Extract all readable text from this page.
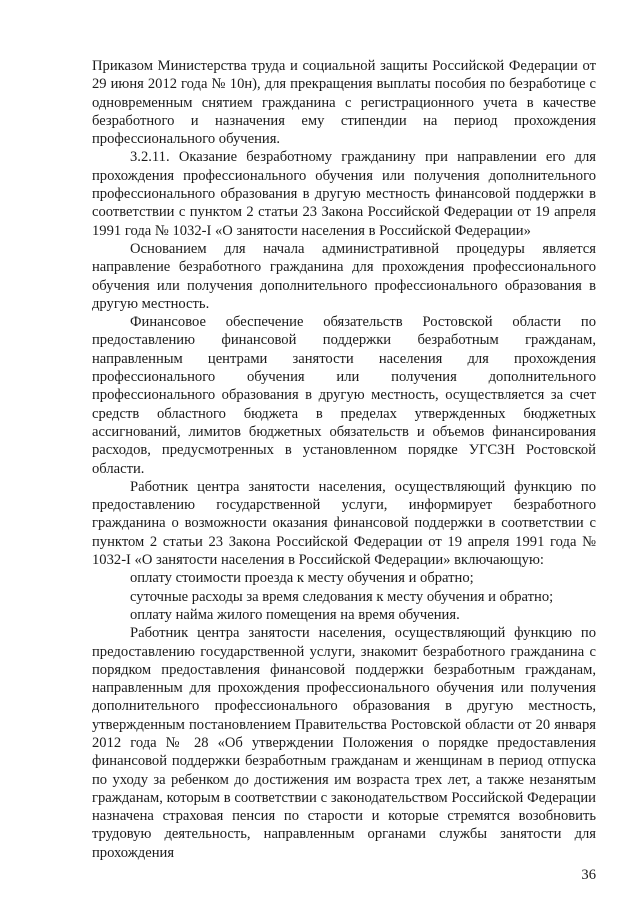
Приказом Министерства труда и социальной защиты Российской Федерации от 29 июня 2012 года № 10н), для прекращения выплаты пособия по безработице с одновременным снятием гражданина с регистрационного учета в качестве безработного и назначения ему стипендии на период прохождения профессионального обучения.

3.2.11. Оказание безработному гражданину при направлении его для прохождения профессионального обучения или получения дополнительного профессионального образования в другую местность финансовой поддержки в соответствии с пунктом 2 статьи 23 Закона Российской Федерации от 19 апреля 1991 года № 1032-I «О занятости населения в Российской Федерации»

Основанием для начала административной процедуры является направление безработного гражданина для прохождения профессионального обучения или получения дополнительного профессионального образования в другую местность.

Финансовое обеспечение обязательств Ростовской области по предоставлению финансовой поддержки безработным гражданам, направленным центрами занятости населения для прохождения профессионального обучения или получения дополнительного профессионального образования в другую местность, осуществляется за счет средств областного бюджета в пределах утвержденных бюджетных ассигнований, лимитов бюджетных обязательств и объемов финансирования расходов, предусмотренных в установленном порядке УГСЗН Ростовской области.

Работник центра занятости населения, осуществляющий функцию по предоставлению государственной услуги, информирует безработного гражданина о возможности оказания финансовой поддержки в соответствии с пунктом 2 статьи 23 Закона Российской Федерации от 19 апреля 1991 года № 1032-I «О занятости населения в Российской Федерации» включающую:

оплату стоимости проезда к месту обучения и обратно;

суточные расходы за время следования к месту обучения и обратно;

оплату найма жилого помещения на время обучения.

Работник центра занятости населения, осуществляющий функцию по предоставлению государственной услуги, знакомит безработного гражданина с порядком предоставления финансовой поддержки безработным гражданам, направленным для прохождения профессионального обучения или получения дополнительного профессионального образования в другую местность, утвержденным постановлением Правительства Ростовской области от 20 января 2012 года № 28 «Об утверждении Положения о порядке предоставления финансовой поддержки безработным гражданам и женщинам в период отпуска по уходу за ребенком до достижения им возраста трех лет, а также незанятым гражданам, которым в соответствии с законодательством Российской Федерации назначена страховая пенсия по старости и которые стремятся возобновить трудовую деятельность, направленным органами службы занятости для прохождения

36
